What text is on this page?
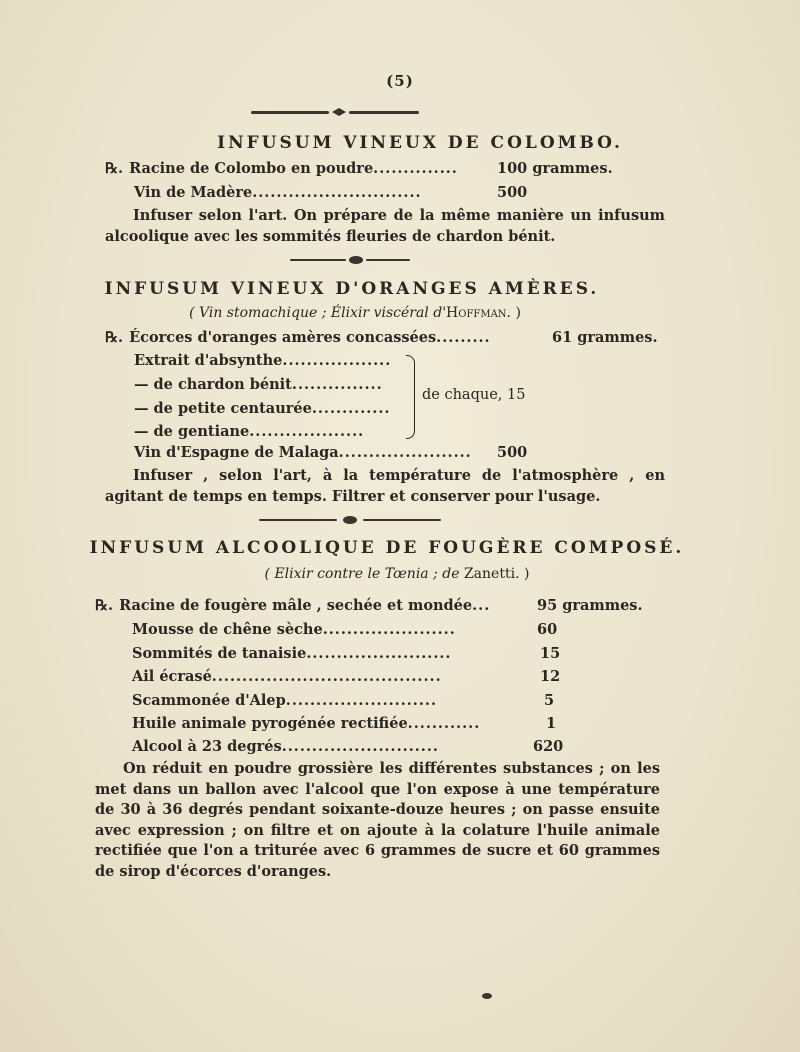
(5)
INFUSUM VINEUX DE COLOMBO.
℞. Racine de Colombo en poudre..............	100 grammes.
Vin de Madère............................	500
Infuser selon l'art. On prépare de la même manière un infusum alcoolique avec les sommités fleuries de chardon bénit.
INFUSUM VINEUX D'ORANGES AMÈRES.
( Vin stomachique ; Élixir viscéral d'Hoffman. )
℞. Écorces d'oranges amères concassées.........	61 grammes.
Extrait d'absynthe..................
— de chardon bénit...............
— de petite centaurée.............
— de gentiane...................
de chaque, 15
Vin d'Espagne de Malaga...................... 500
Infuser , selon l'art, à la température de l'atmosphère , en agitant de temps en temps. Filtrer et conserver pour l'usage.
INFUSUM ALCOOLIQUE DE FOUGÈRE COMPOSÉ.
( Elixir contre le Tœnia ; de Zanetti. )
℞. Racine de fougère mâle , sechée et mondée...	95 grammes.
Mousse de chêne sèche......................	60
Sommités de tanaisie........................	15
Ail écrasé......................................	12
Scammonée d'Alep.........................	5
Huile animale pyrogénée rectifiée............	1
Alcool à 23 degrés..........................	620
On réduit en poudre grossière les différentes substances ; on les met dans un ballon avec l'alcool que l'on expose à une température de 30 à 36 degrés pendant soixante-douze heures ; on passe ensuite avec expression ; on filtre et on ajoute à la colature l'huile animale rectifiée que l'on a triturée avec 6 grammes de sucre et 60 grammes de sirop d'écorces d'oranges.
